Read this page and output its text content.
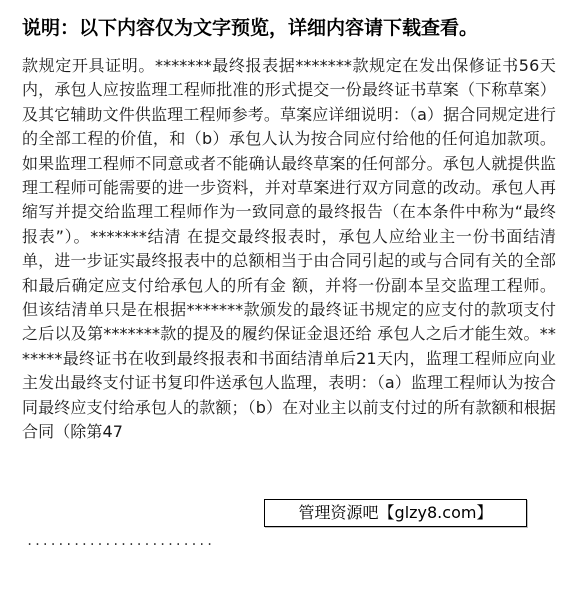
说明：以下内容仅为文字预览，详细内容请下载查看。
款规定开具证明。*******最终报表据*******款规定在发出保修证书56天内，承包人应按监理工程师批准的形式提交一份最终证书草案（下称草案）及其它辅助文件供监理工程师参考。草案应详细说明：（a）据合同规定进行的全部工程的价值，和（b）承包人认为按合同应付给他的任何追加款项。如果监理工程师不同意或者不能确认最终草案的任何部分。承包人就提供监理工程师可能需要的进一步资料，并对草案进行双方同意的改动。承包人再缩写并提交给监理工程师作为一致同意的最终报告（在本条件中称为“最终报表”）。*******结清 在提交最终报表时，承包人应给业主一份书面结清单，进一步证实最终报表中的总额相当于由合同引起的或与合同有关的全部和最后确定应支付给承包人的所有金 额，并将一份副本呈交监理工程师。但该结清单只是在根据*******款颁发的最终证书规定的应支付的款项支付之后以及第*******款的提及的履约保证金退还给 承包人之后才能生效。*******最终证书在收到最终报表和书面结清单后21天内，监理工程师应向业主发出最终支付证书复印件送承包人监理，表明：（a）监理工程师认为按合同最终应支付给承包人的款额；（b）在对业主以前支付过的所有款额和根据合同（除第47
........................
管理资源吧【glzy8.com】
